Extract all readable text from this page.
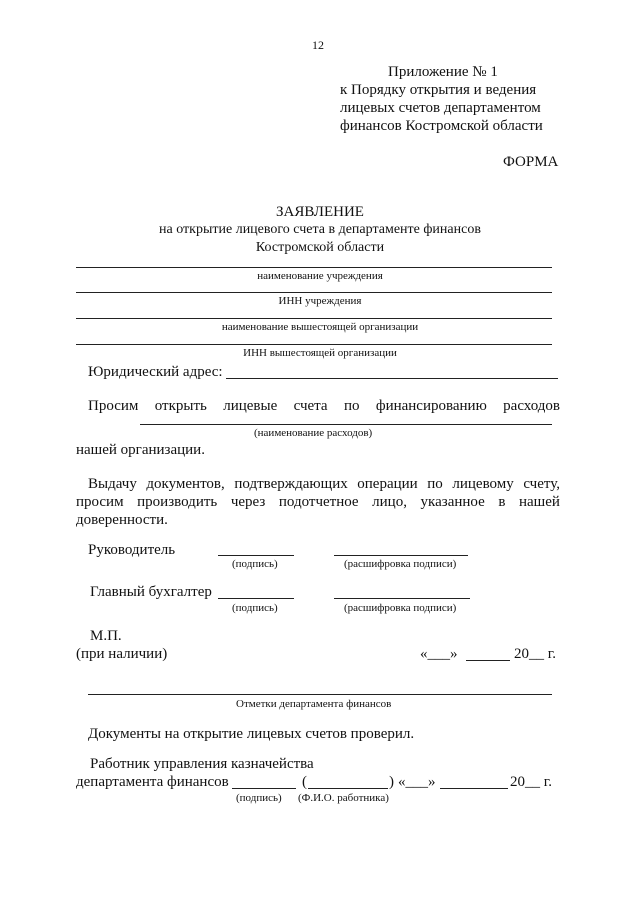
12
Приложение № 1
к Порядку открытия и ведения
лицевых счетов департаментом
финансов Костромской области
ФОРМА
ЗАЯВЛЕНИЕ
на открытие лицевого счета в департаменте финансов
Костромской области
наименование учреждения
ИНН учреждения
наименование вышестоящей организации
ИНН вышестоящей организации
Юридический адрес:
Просим открыть лицевые счета по финансированию расходов
(наименование расходов)
нашей организации.
Выдачу документов, подтверждающих операции по лицевому счету,
просим производить через подотчетное лицо, указанное в нашей
доверенности.
Руководитель
(подпись)	(расшифровка подписи)
Главный бухгалтер
(подпись)	(расшифровка подписи)
М.П.
(при наличии)	«___»	20__ г.
Отметки департамента финансов
Документы на открытие лицевых счетов проверил.
Работник управления казначейства
департамента финансов	(	) «___»	20__ г.
(подпись) (Ф.И.О. работника)
